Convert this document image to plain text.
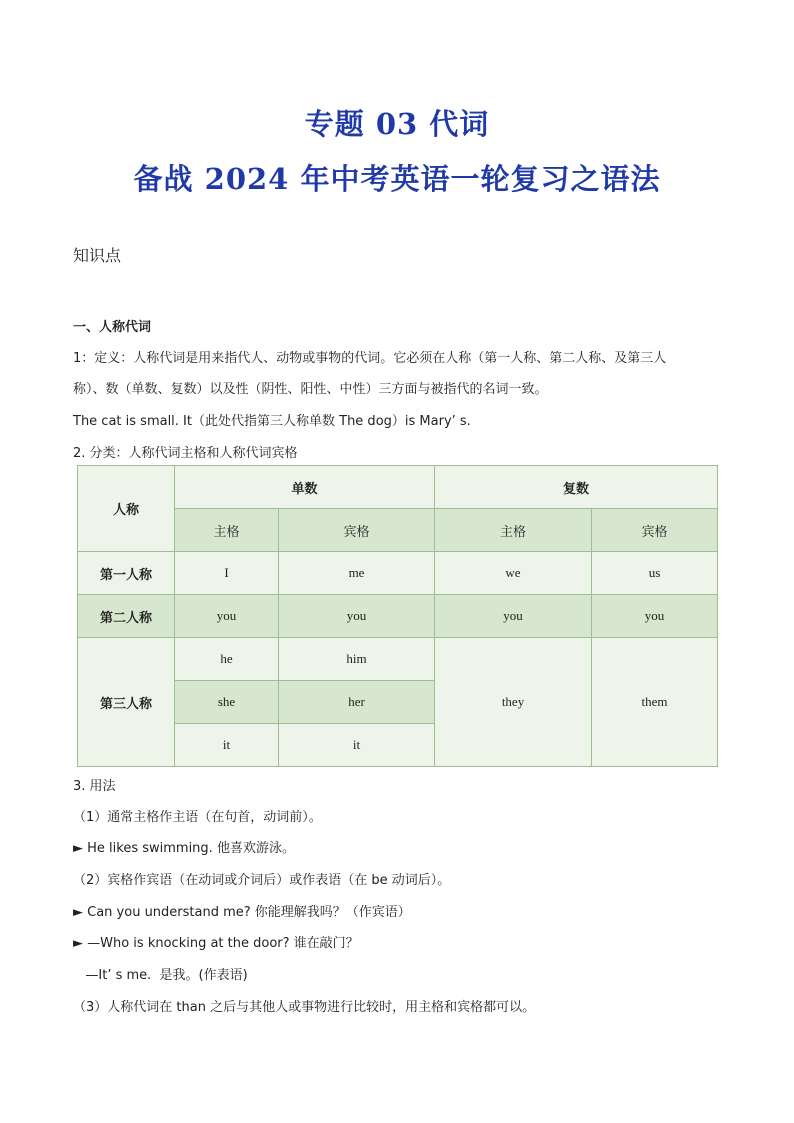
专题 03 代词
备战 2024 年中考英语一轮复习之语法
知识点
一、人称代词
1：定义：人称代词是用来指代人、动物或事物的代词。它必须在人称（第一人称、第二人称、及第三人
称）、数（单数、复数）以及性（阴性、阳性、中性）三方面与被指代的名词一致。
The cat is small. It（此处代指第三人称单数 The dog）is Mary’ s.
2. 分类：人称代词主格和人称代词宾格
人称	单数		复数	
	主格	宾格	主格	宾格
第一人称	I	me	we	us
第二人称	you	you	you	you
第三人称	he	him	they	them
	she	her		
	it	it		
3. 用法
（1）通常主格作主语（在句首，动词前）。
► He likes swimming. 他喜欢游泳。
（2）宾格作宾语（在动词或介词后）或作表语（在 be 动词后）。
► Can you understand me? 你能理解我吗？（作宾语）
► —Who is knocking at the door? 谁在敲门？
—It’ s me.  是我。(作表语)
（3）人称代词在 than 之后与其他人或事物进行比较时，用主格和宾格都可以。
